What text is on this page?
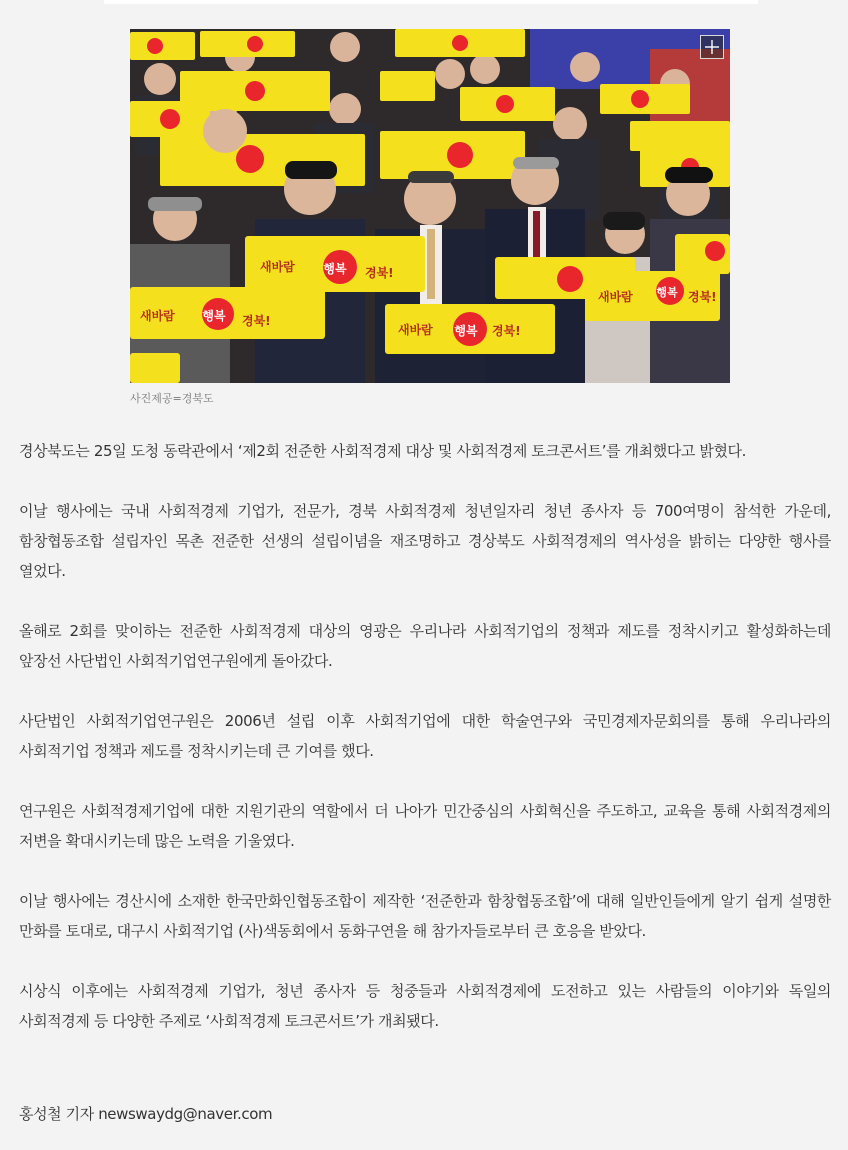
행복
행복
행복
행복
새바람	경북!
새바람	경북!
새바람	경북!
새바람	경북!
사진제공=경북도

경상북도는 25일 도청 동락관에서 ‘제2회 전준한 사회적경제 대상 및 사회적경제 토크콘서트’를 개최했다고 밝혔다.

이날 행사에는 국내 사회적경제 기업가, 전문가, 경북 사회적경제 청년일자리 청년 종사자 등 700여명이 참석한 가운데, 함창협동조합 설립자인 목촌 전준한 선생의 설립이념을 재조명하고 경상북도 사회적경제의 역사성을 밝히는 다양한 행사를 열었다.

올해로 2회를 맞이하는 전준한 사회적경제 대상의 영광은 우리나라 사회적기업의 정책과 제도를 정착시키고 활성화하는데 앞장선 사단법인 사회적기업연구원에게 돌아갔다.

사단법인 사회적기업연구원은 2006년 설립 이후 사회적기업에 대한 학술연구와 국민경제자문회의를 통해 우리나라의 사회적기업 정책과 제도를 정착시키는데 큰 기여를 했다.

연구원은 사회적경제기업에 대한 지원기관의 역할에서 더 나아가 민간중심의 사회혁신을 주도하고, 교육을 통해 사회적경제의 저변을 확대시키는데 많은 노력을 기울였다.

이날 행사에는 경산시에 소재한 한국만화인협동조합이 제작한 ‘전준한과 함창협동조합’에 대해 일반인들에게 알기 쉽게 설명한 만화를 토대로, 대구시 사회적기업 (사)색동회에서 동화구연을 해 참가자들로부터 큰 호응을 받았다.

시상식 이후에는 사회적경제 기업가, 청년 종사자 등 청중들과 사회적경제에 도전하고 있는 사람들의 이야기와 독일의 사회적경제 등 다양한 주제로 ‘사회적경제 토크콘서트’가 개최됐다.

홍성철 기자 newswaydg@naver.com
